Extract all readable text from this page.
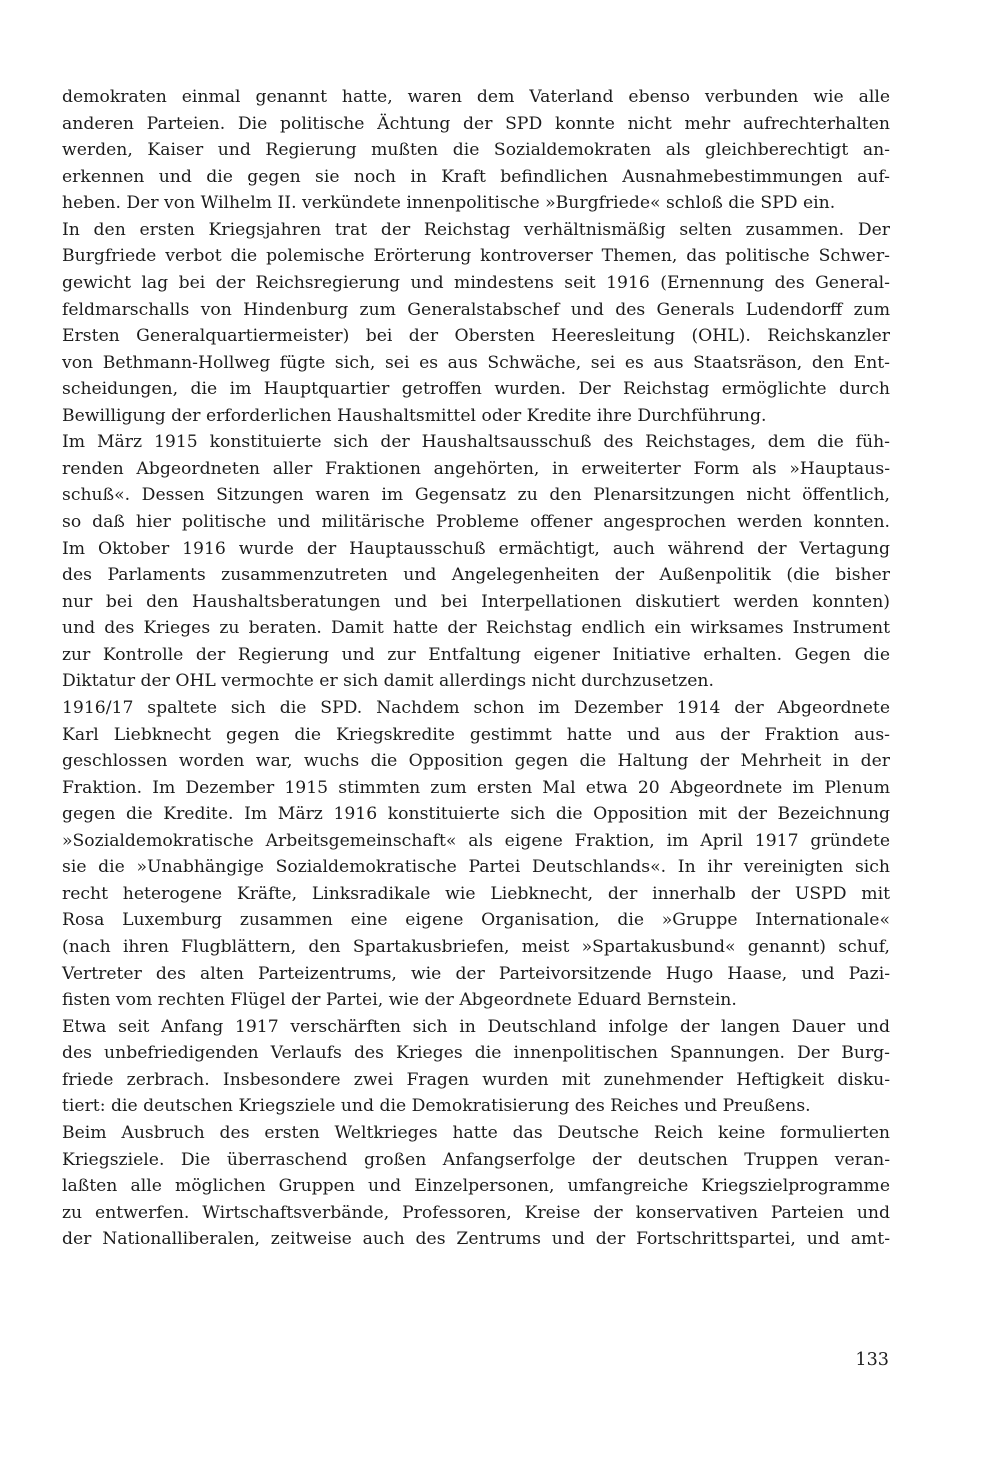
demokraten einmal genannt hatte, waren dem Vaterland ebenso verbunden wie alle
anderen Parteien. Die politische Ächtung der SPD konnte nicht mehr aufrechterhalten
werden, Kaiser und Regierung mußten die Sozialdemokraten als gleichberechtigt an-
erkennen und die gegen sie noch in Kraft befindlichen Ausnahmebestimmungen auf-
heben. Der von Wilhelm II. verkündete innenpolitische »Burgfriede« schloß die SPD ein.
In den ersten Kriegsjahren trat der Reichstag verhältnismäßig selten zusammen. Der
Burgfriede verbot die polemische Erörterung kontroverser Themen, das politische Schwer-
gewicht lag bei der Reichsregierung und mindestens seit 1916 (Ernennung des General-
feldmarschalls von Hindenburg zum Generalstabschef und des Generals Ludendorff zum
Ersten Generalquartiermeister) bei der Obersten Heeresleitung (OHL). Reichskanzler
von Bethmann-Hollweg fügte sich, sei es aus Schwäche, sei es aus Staatsräson, den Ent-
scheidungen, die im Hauptquartier getroffen wurden. Der Reichstag ermöglichte durch
Bewilligung der erforderlichen Haushaltsmittel oder Kredite ihre Durchführung.
Im März 1915 konstituierte sich der Haushaltsausschuß des Reichstages, dem die füh-
renden Abgeordneten aller Fraktionen angehörten, in erweiterter Form als »Hauptaus-
schuß«. Dessen Sitzungen waren im Gegensatz zu den Plenarsitzungen nicht öffentlich,
so daß hier politische und militärische Probleme offener angesprochen werden konnten.
Im Oktober 1916 wurde der Hauptausschuß ermächtigt, auch während der Vertagung
des Parlaments zusammenzutreten und Angelegenheiten der Außenpolitik (die bisher
nur bei den Haushaltsberatungen und bei Interpellationen diskutiert werden konnten)
und des Krieges zu beraten. Damit hatte der Reichstag endlich ein wirksames Instrument
zur Kontrolle der Regierung und zur Entfaltung eigener Initiative erhalten. Gegen die
Diktatur der OHL vermochte er sich damit allerdings nicht durchzusetzen.
1916/17 spaltete sich die SPD. Nachdem schon im Dezember 1914 der Abgeordnete
Karl Liebknecht gegen die Kriegskredite gestimmt hatte und aus der Fraktion aus-
geschlossen worden war, wuchs die Opposition gegen die Haltung der Mehrheit in der
Fraktion. Im Dezember 1915 stimmten zum ersten Mal etwa 20 Abgeordnete im Plenum
gegen die Kredite. Im März 1916 konstituierte sich die Opposition mit der Bezeichnung
»Sozialdemokratische Arbeitsgemeinschaft« als eigene Fraktion, im April 1917 gründete
sie die »Unabhängige Sozialdemokratische Partei Deutschlands«. In ihr vereinigten sich
recht heterogene Kräfte, Linksradikale wie Liebknecht, der innerhalb der USPD mit
Rosa Luxemburg zusammen eine eigene Organisation, die »Gruppe Internationale«
(nach ihren Flugblättern, den Spartakusbriefen, meist »Spartakusbund« genannt) schuf,
Vertreter des alten Parteizentrums, wie der Parteivorsitzende Hugo Haase, und Pazi-
fisten vom rechten Flügel der Partei, wie der Abgeordnete Eduard Bernstein.
Etwa seit Anfang 1917 verschärften sich in Deutschland infolge der langen Dauer und
des unbefriedigenden Verlaufs des Krieges die innenpolitischen Spannungen. Der Burg-
friede zerbrach. Insbesondere zwei Fragen wurden mit zunehmender Heftigkeit disku-
tiert: die deutschen Kriegsziele und die Demokratisierung des Reiches und Preußens.
Beim Ausbruch des ersten Weltkrieges hatte das Deutsche Reich keine formulierten
Kriegsziele. Die überraschend großen Anfangserfolge der deutschen Truppen veran-
laßten alle möglichen Gruppen und Einzelpersonen, umfangreiche Kriegszielprogramme
zu entwerfen. Wirtschaftsverbände, Professoren, Kreise der konservativen Parteien und
der Nationalliberalen, zeitweise auch des Zentrums und der Fortschrittspartei, und amt-
133
